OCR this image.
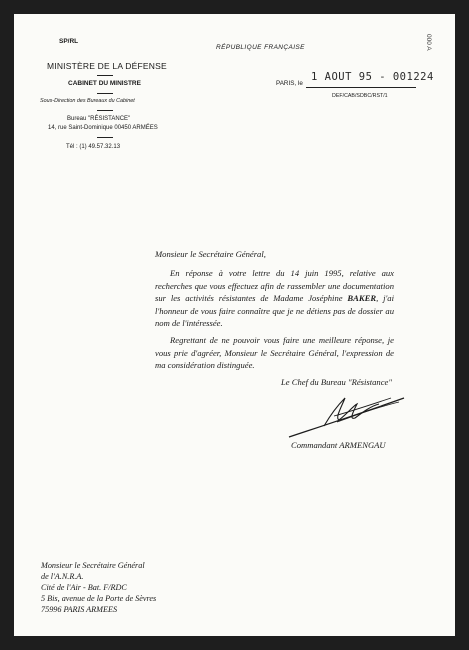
SP/RL
MINISTÈRE DE LA DÉFENSE
CABINET DU MINISTRE
Sous-Direction des Bureaux du Cabinet
Bureau "RÉSISTANCE"
14, rue Saint-Dominique 00450 ARMÉES
Tél : (1) 49.57.32.13
RÉPUBLIQUE FRANÇAISE
PARIS, le
1 AOUT 95 - 001224
DEF/CAB/SDBC/RST/1
000 A
Monsieur le Secrétaire Général,
En réponse à votre lettre du 14 juin 1995, relative aux recherches que vous effectuez afin de rassembler une documentation sur les activités résistantes de Madame Joséphine BAKER, j'ai l'honneur de vous faire connaître que je ne détiens pas de dossier au nom de l'intéressée.
Regrettant de ne pouvoir vous faire une meilleure réponse, je vous prie d'agréer, Monsieur le Secrétaire Général, l'expression de ma considération distinguée.
Le Chef du Bureau "Résistance"
Commandant ARMENGAU
Monsieur le Secrétaire Général
de l'A.N.R.A.
Cité de l'Air - Bat. F/RDC
5 Bis, avenue de la Porte de Sèvres
75996 PARIS ARMEES
